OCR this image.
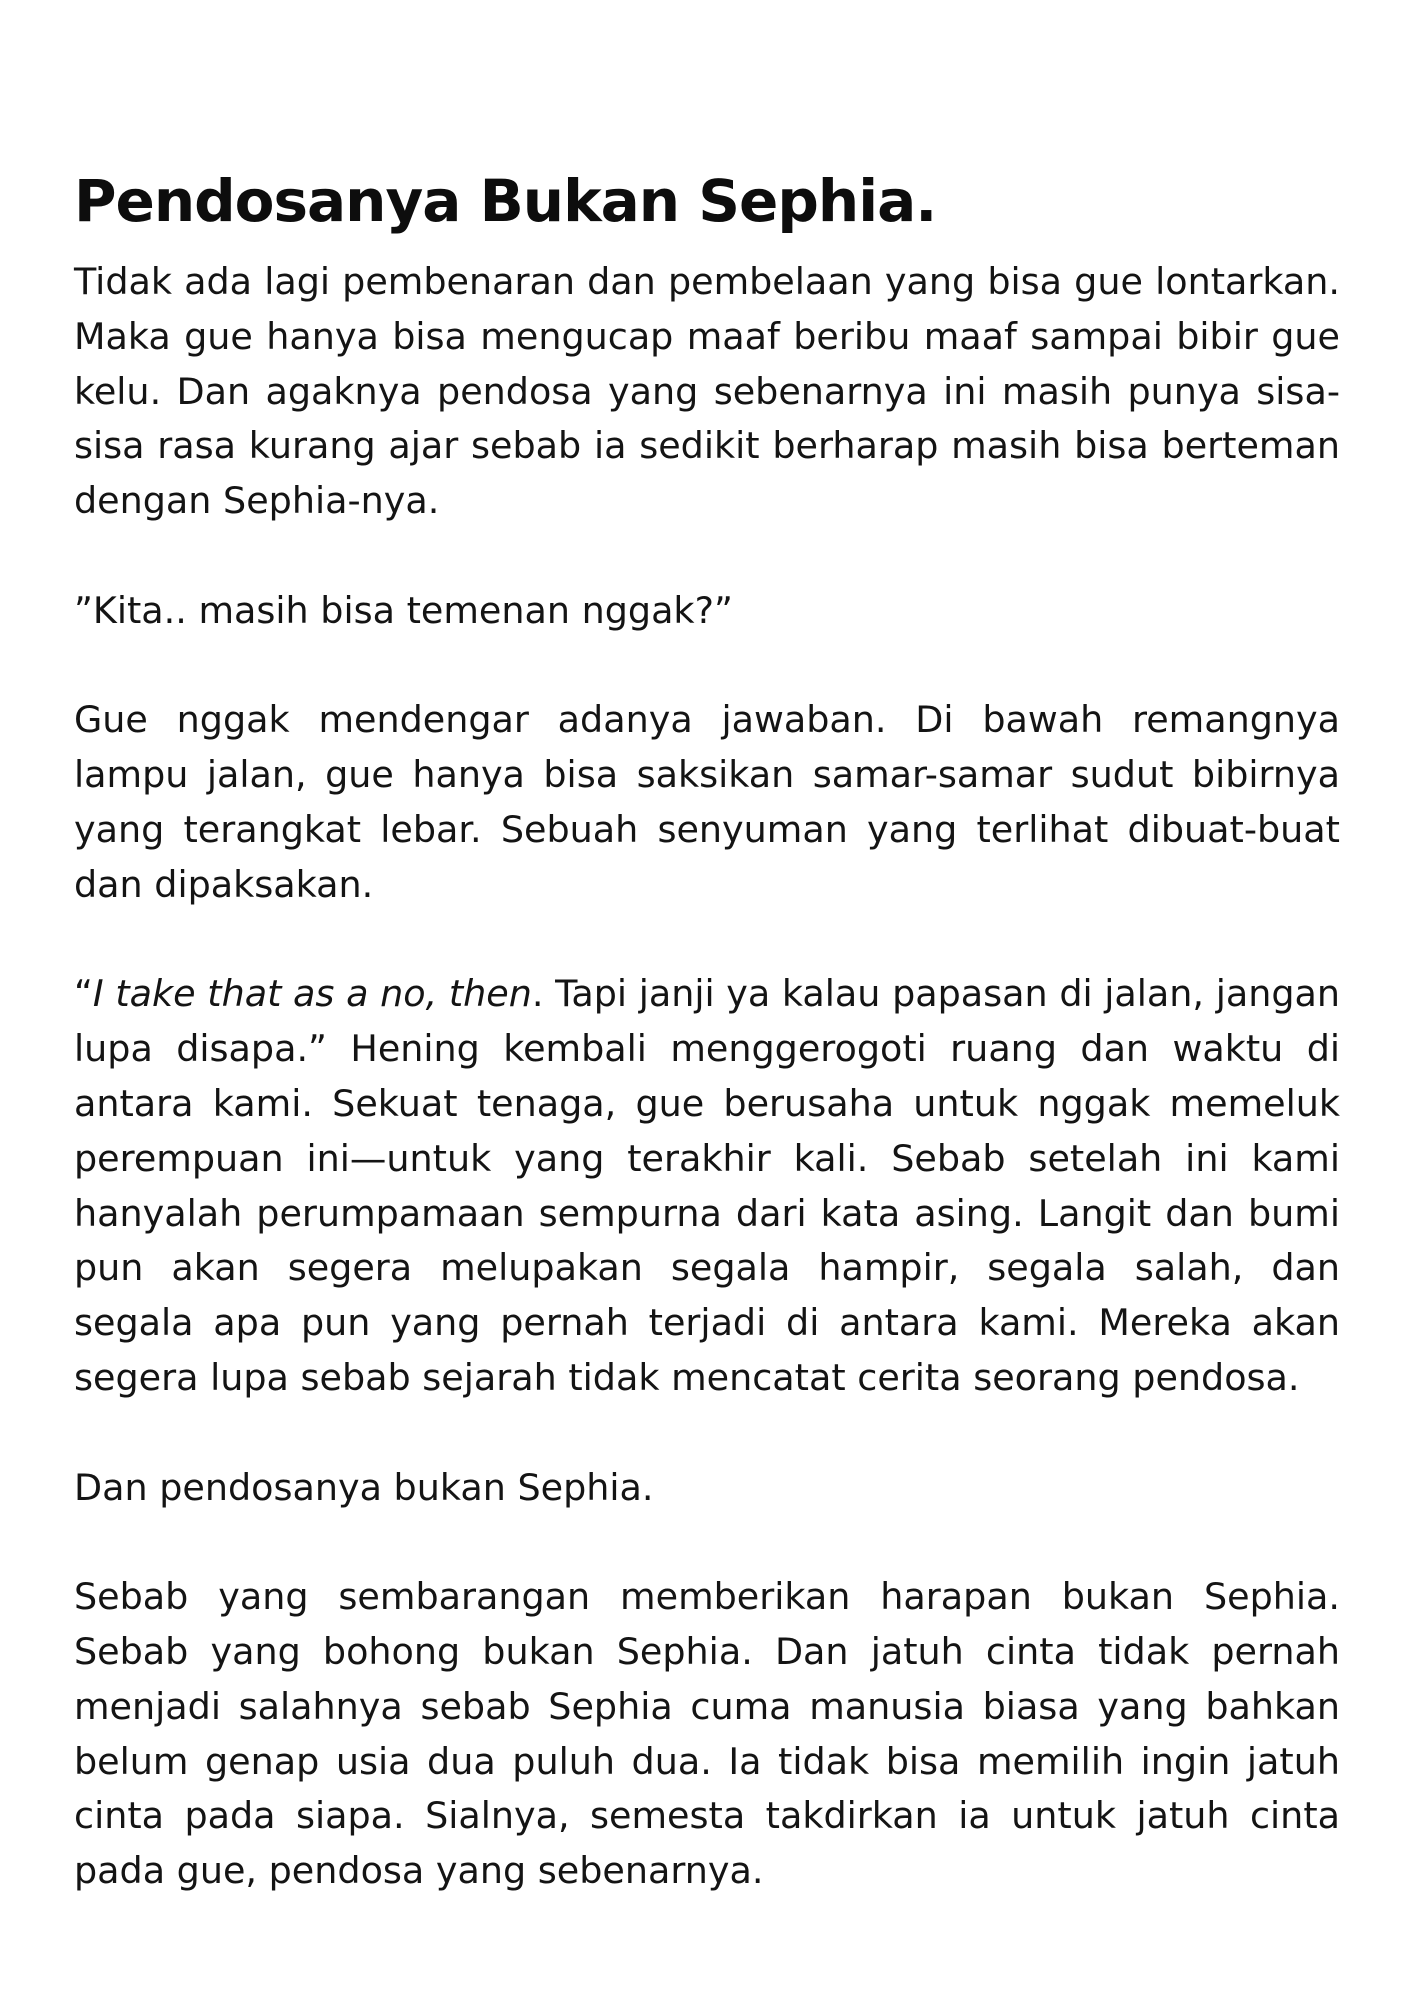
Pendosanya Bukan Sephia.

Tidak ada lagi pembenaran dan pembelaan yang bisa gue lontarkan. Maka gue hanya bisa mengucap maaf beribu maaf sampai bibir gue kelu. Dan agaknya pendosa yang sebenarnya ini masih punya sisa-sisa rasa kurang ajar sebab ia sedikit berharap masih bisa berteman dengan Sephia-nya.

”Kita.. masih bisa temenan nggak?”

Gue nggak mendengar adanya jawaban. Di bawah remangnya lampu jalan, gue hanya bisa saksikan samar-samar sudut bibirnya yang terangkat lebar. Sebuah senyuman yang terlihat dibuat-buat dan dipaksakan.

“I take that as a no, then. Tapi janji ya kalau papasan di jalan, jangan lupa disapa.” Hening kembali menggerogoti ruang dan waktu di antara kami. Sekuat tenaga, gue berusaha untuk nggak memeluk perempuan ini—untuk yang terakhir kali. Sebab setelah ini kami hanyalah perumpamaan sempurna dari kata asing. Langit dan bumi pun akan segera melupakan segala hampir, segala salah, dan segala apa pun yang pernah terjadi di antara kami. Mereka akan segera lupa sebab sejarah tidak mencatat cerita seorang pendosa.

Dan pendosanya bukan Sephia.

Sebab yang sembarangan memberikan harapan bukan Sephia. Sebab yang bohong bukan Sephia. Dan jatuh cinta tidak pernah menjadi salahnya sebab Sephia cuma manusia biasa yang bahkan belum genap usia dua puluh dua. Ia tidak bisa memilih ingin jatuh cinta pada siapa. Sialnya, semesta takdirkan ia untuk jatuh cinta pada gue, pendosa yang sebenarnya.
